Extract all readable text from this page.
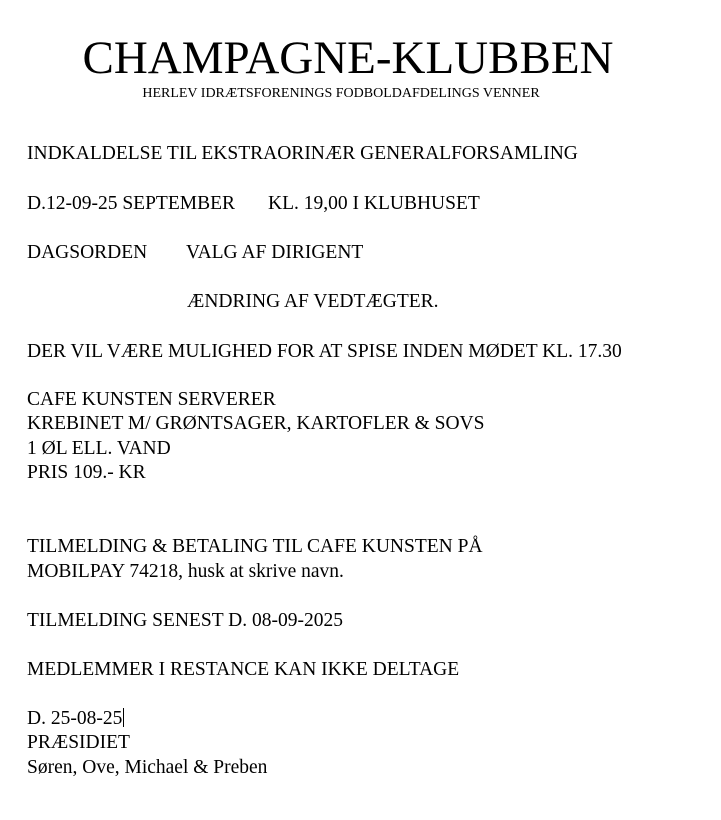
CHAMPAGNE-KLUBBEN
HERLEV IDRÆTSFORENINGS FODBOLDAFDELINGS VENNER
INDKALDELSE TIL EKSTRAORINÆR GENERALFORSAMLING
D.12-09-25 SEPTEMBER KL. 19,00 I KLUBHUSET
DAGSORDEN VALG AF DIRIGENT
ÆNDRING AF VEDTÆGTER.
DER VIL VÆRE MULIGHED FOR AT SPISE INDEN MØDET KL. 17.30
CAFE KUNSTEN SERVERER
KREBINET M/ GRØNTSAGER, KARTOFLER & SOVS
1 ØL ELL. VAND
PRIS 109.- KR
TILMELDING & BETALING TIL CAFE KUNSTEN PÅ
MOBILPAY 74218, husk at skrive navn.
TILMELDING SENEST D. 08-09-2025
MEDLEMMER I RESTANCE KAN IKKE DELTAGE
D. 25-08-25
PRÆSIDIET
Søren, Ove, Michael & Preben
